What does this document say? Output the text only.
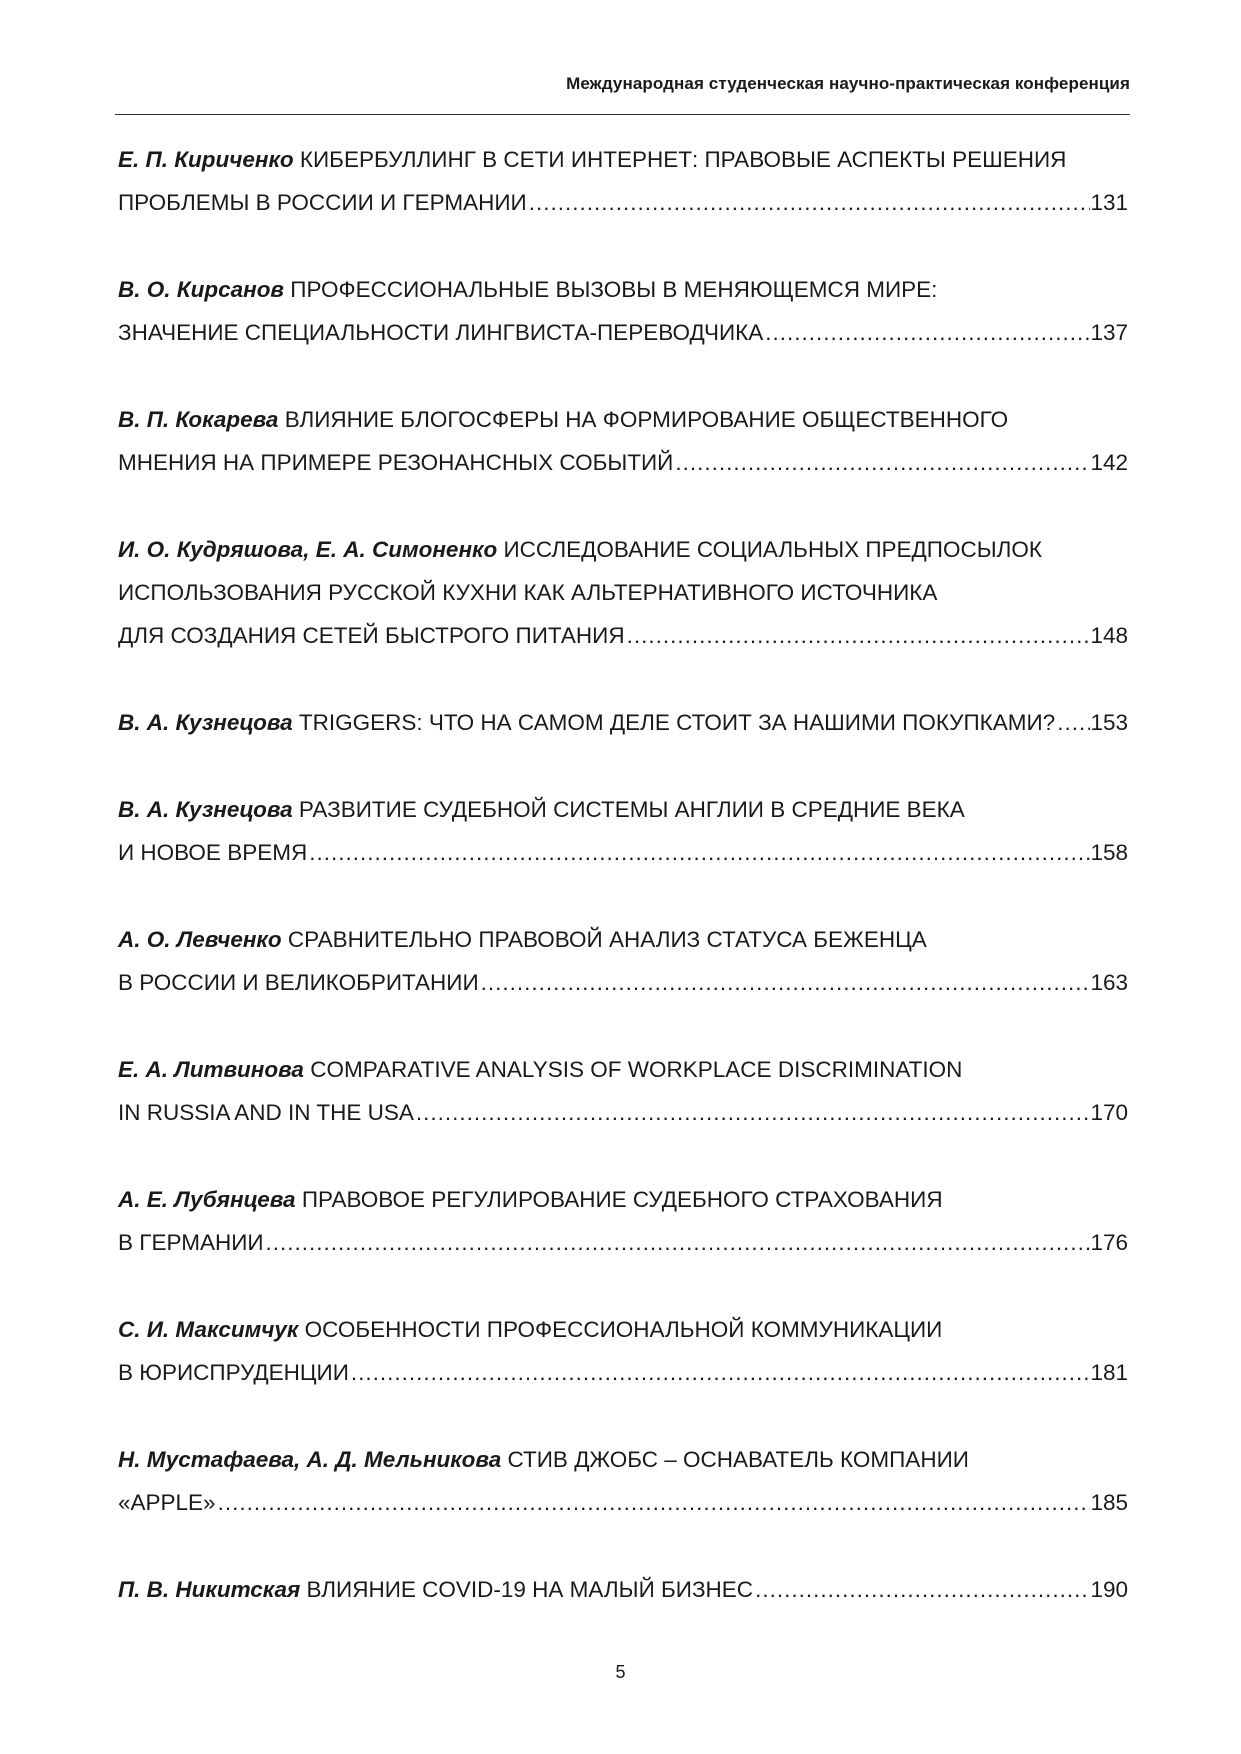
Международная студенческая научно-практическая конференция
Е. П. Кириченко КИБЕРБУЛЛИНГ В СЕТИ ИНТЕРНЕТ: ПРАВОВЫЕ АСПЕКТЫ РЕШЕНИЯ
ПРОБЛЕМЫ В РОССИИ И ГЕРМАНИИ .....	131
В. О. Кирсанов ПРОФЕССИОНАЛЬНЫЕ ВЫЗОВЫ В МЕНЯЮЩЕМСЯ МИРЕ:
ЗНАЧЕНИЕ СПЕЦИАЛЬНОСТИ ЛИНГВИСТА-ПЕРЕВОДЧИКА .....	137
В. П. Кокарева ВЛИЯНИЕ БЛОГОСФЕРЫ НА ФОРМИРОВАНИЕ ОБЩЕСТВЕННОГО
МНЕНИЯ НА ПРИМЕРЕ РЕЗОНАНСНЫХ СОБЫТИЙ .....	142
И. О. Кудряшова, Е. А. Симоненко ИССЛЕДОВАНИЕ СОЦИАЛЬНЫХ ПРЕДПОСЫЛОК
ИСПОЛЬЗОВАНИЯ РУССКОЙ КУХНИ КАК АЛЬТЕРНАТИВНОГО ИСТОЧНИКА
ДЛЯ СОЗДАНИЯ СЕТЕЙ БЫСТРОГО ПИТАНИЯ .....	148
В. А. Кузнецова TRIGGERS: ЧТО НА САМОМ ДЕЛЕ СТОИТ ЗА НАШИМИ ПОКУПКАМИ? ..... 153
В. А. Кузнецова РАЗВИТИЕ СУДЕБНОЙ СИСТЕМЫ АНГЛИИ В СРЕДНИЕ ВЕКА
И НОВОЕ ВРЕМЯ .....	158
А. О. Левченко СРАВНИТЕЛЬНО ПРАВОВОЙ АНАЛИЗ СТАТУСА БЕЖЕНЦА
В РОССИИ И ВЕЛИКОБРИТАНИИ .....	163
Е. А. Литвинова COMPARATIVE ANALYSIS OF WORKPLACE DISCRIMINATION
IN RUSSIA AND IN THE USA .....	170
А. Е. Лубянцева ПРАВОВОЕ РЕГУЛИРОВАНИЕ СУДЕБНОГО СТРАХОВАНИЯ
В ГЕРМАНИИ .....	176
С. И. Максимчук ОСОБЕННОСТИ ПРОФЕССИОНАЛЬНОЙ КОММУНИКАЦИИ
В ЮРИСПРУДЕНЦИИ .....	181
Н. Мустафаева, А. Д. Мельникова СТИВ ДЖОБС – ОСНАВАТЕЛЬ КОМПАНИИ
«APPLE» .....	185
П. В. Никитская ВЛИЯНИЕ COVID-19 НА МАЛЫЙ БИЗНЕС .....	190
5
